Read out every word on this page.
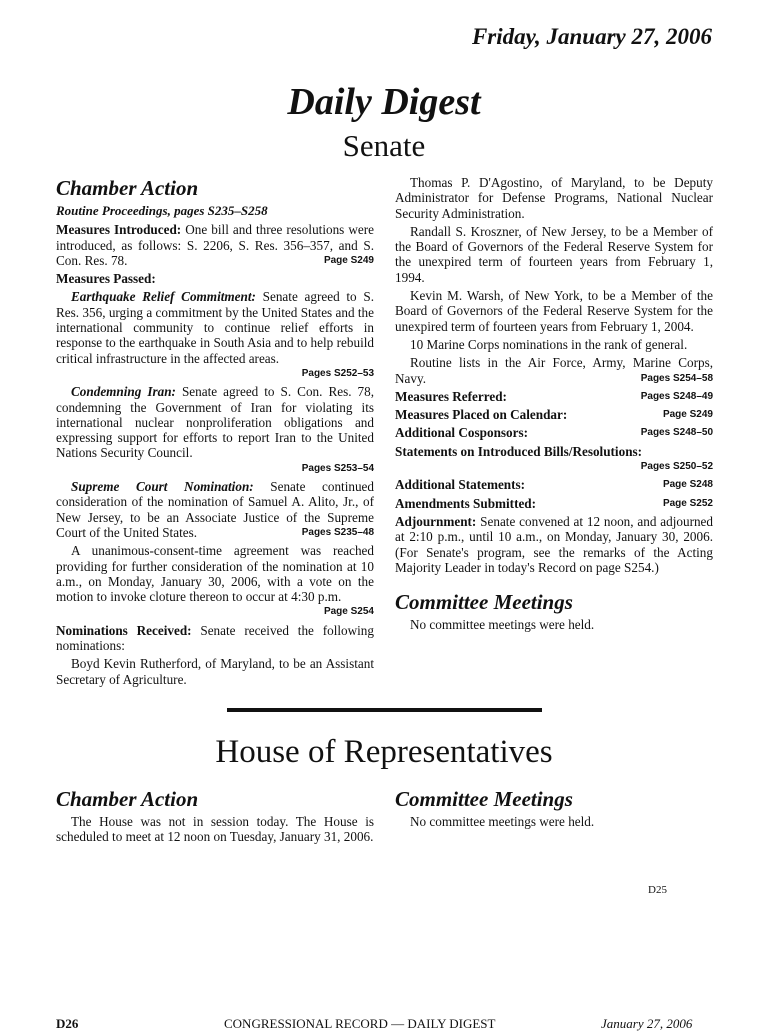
Friday, January 27, 2006
Daily Digest
Senate
Chamber Action
Routine Proceedings, pages S235–S258
Measures Introduced: One bill and three resolutions were introduced, as follows: S. 2206, S. Res. 356–357, and S. Con. Res. 78.	Page S249
Measures Passed:
Earthquake Relief Commitment: Senate agreed to S. Res. 356, urging a commitment by the United States and the international community to continue relief efforts in response to the earthquake in South Asia and to help rebuild critical infrastructure in the affected areas.
Pages S252–53
Condemning Iran: Senate agreed to S. Con. Res. 78, condemning the Government of Iran for violating its international nuclear nonproliferation obligations and expressing support for efforts to report Iran to the United Nations Security Council.
Pages S253–54
Supreme Court Nomination: Senate continued consideration of the nomination of Samuel A. Alito, Jr., of New Jersey, to be an Associate Justice of the Supreme Court of the United States.	Pages S235–48
A unanimous-consent-time agreement was reached providing for further consideration of the nomination at 10 a.m., on Monday, January 30, 2006, with a vote on the motion to invoke cloture thereon to occur at 4:30 p.m.
Page S254
Nominations Received: Senate received the following nominations:
Boyd Kevin Rutherford, of Maryland, to be an Assistant Secretary of Agriculture.
Thomas P. D'Agostino, of Maryland, to be Deputy Administrator for Defense Programs, National Nuclear Security Administration.
Randall S. Kroszner, of New Jersey, to be a Member of the Board of Governors of the Federal Reserve System for the unexpired term of fourteen years from February 1, 1994.
Kevin M. Warsh, of New York, to be a Member of the Board of Governors of the Federal Reserve System for the unexpired term of fourteen years from February 1, 2004.
10 Marine Corps nominations in the rank of general.
Routine lists in the Air Force, Army, Marine Corps, Navy.	Pages S254–58
Measures Referred:	Pages S248–49
Measures Placed on Calendar:	Page S249
Additional Cosponsors:	Pages S248–50
Statements on Introduced Bills/Resolutions:
Pages S250–52
Additional Statements:	Page S248
Amendments Submitted:	Page S252
Adjournment: Senate convened at 12 noon, and adjourned at 2:10 p.m., until 10 a.m., on Monday, January 30, 2006. (For Senate's program, see the remarks of the Acting Majority Leader in today's Record on page S254.)
Committee Meetings
No committee meetings were held.
House of Representatives
Chamber Action
The House was not in session today. The House is scheduled to meet at 12 noon on Tuesday, January 31, 2006.
Committee Meetings
No committee meetings were held.
D25
D26	CONGRESSIONAL RECORD — DAILY DIGEST	January 27, 2006
